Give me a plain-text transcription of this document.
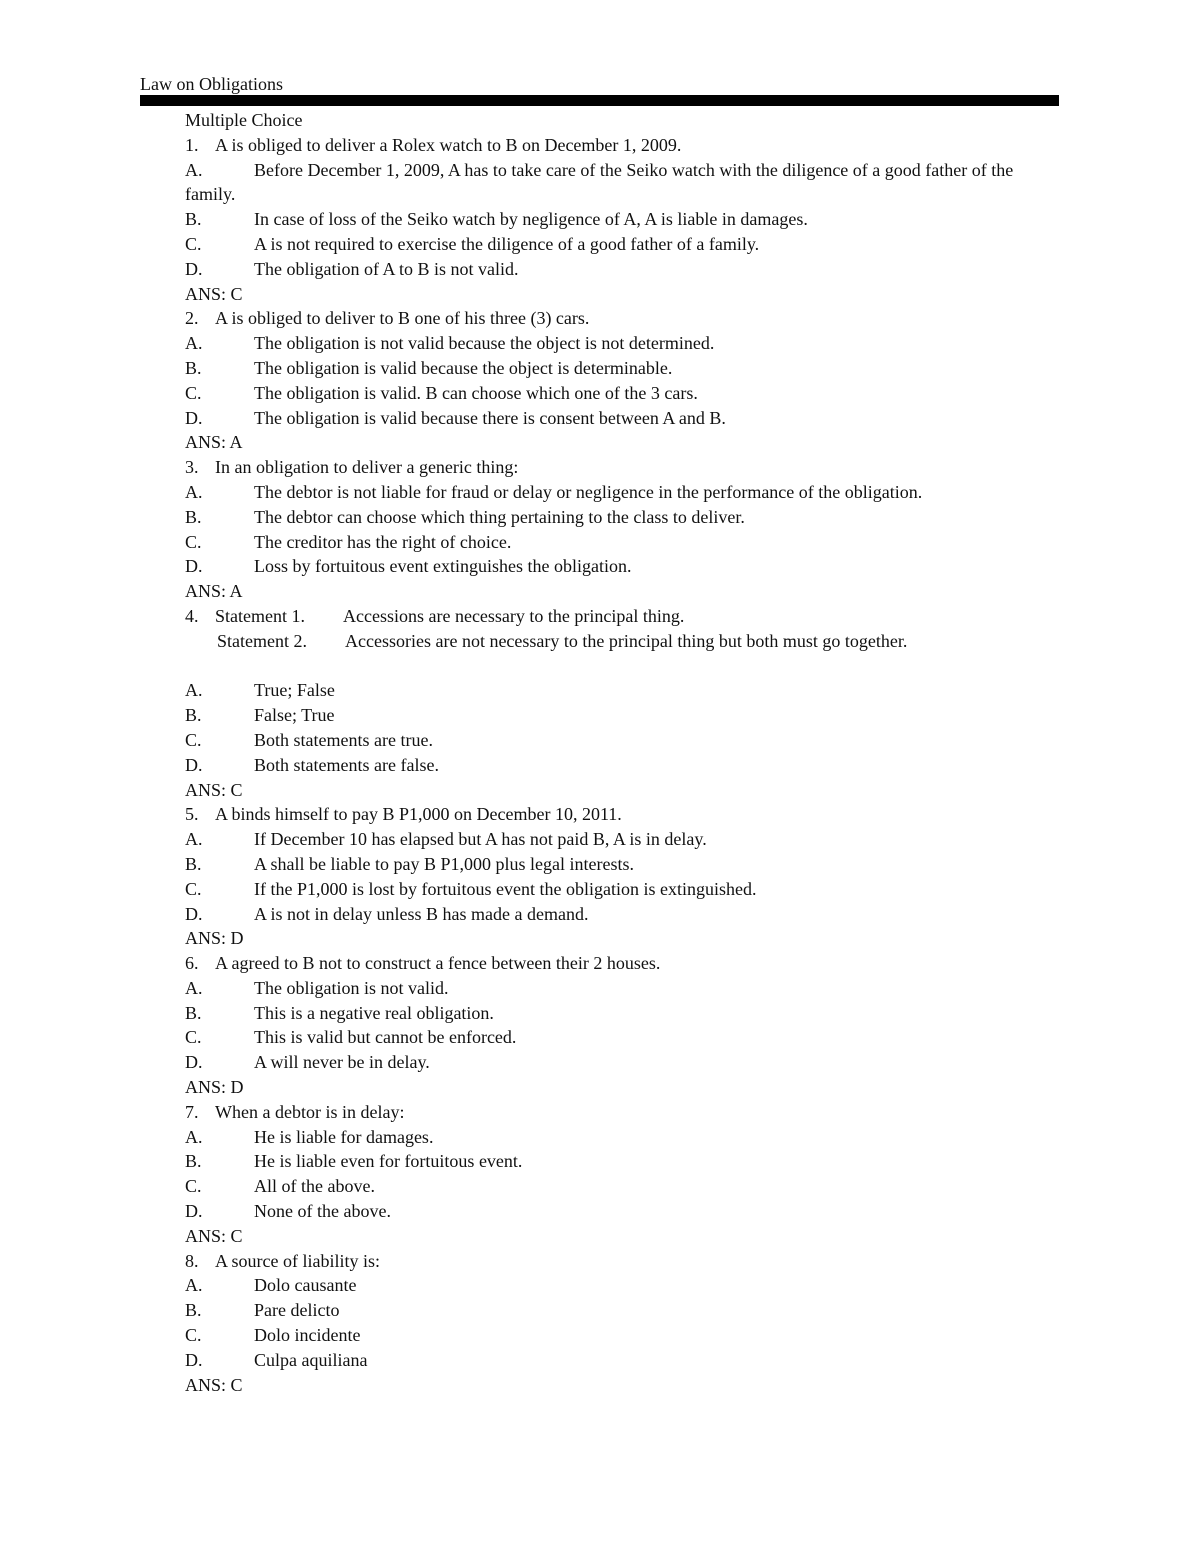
Law on Obligations
Multiple Choice
1. A is obliged to deliver a Rolex watch to B on December 1, 2009.
A.	Before December 1, 2009, A has to take care of the Seiko watch with the diligence of a good father of the family.
B.	In case of loss of the Seiko watch by negligence of A, A is liable in damages.
C.	A is not required to exercise the diligence of a good father of a family.
D.	The obligation of A to B is not valid.
ANS: C
2. A is obliged to deliver to B one of his three (3) cars.
A.	The obligation is not valid because the object is not determined.
B.	The obligation is valid because the object is determinable.
C.	The obligation is valid. B can choose which one of the 3 cars.
D.	The obligation is valid because there is consent between A and B.
ANS: A
3. In an obligation to deliver a generic thing:
A.	The debtor is not liable for fraud or delay or negligence in the performance of the obligation.
B.	The debtor can choose which thing pertaining to the class to deliver.
C.	The creditor has the right of choice.
D.	Loss by fortuitous event extinguishes the obligation.
ANS: A
4. Statement 1. Accessions are necessary to the principal thing.
Statement 2. Accessories are not necessary to the principal thing but both must go together.
A.	True; False
B.	False; True
C.	Both statements are true.
D.	Both statements are false.
ANS: C
5. A binds himself to pay B P1,000 on December 10, 2011.
A.	If December 10 has elapsed but A has not paid B, A is in delay.
B.	A shall be liable to pay B P1,000 plus legal interests.
C.	If the P1,000 is lost by fortuitous event the obligation is extinguished.
D.	A is not in delay unless B has made a demand.
ANS: D
6. A agreed to B not to construct a fence between their 2 houses.
A.	The obligation is not valid.
B.	This is a negative real obligation.
C.	This is valid but cannot be enforced.
D.	A will never be in delay.
ANS: D
7. When a debtor is in delay:
A.	He is liable for damages.
B.	He is liable even for fortuitous event.
C.	All of the above.
D.	None of the above.
ANS: C
8. A source of liability is:
A.	Dolo causante
B.	Pare delicto
C.	Dolo incidente
D.	Culpa aquiliana
ANS: C
